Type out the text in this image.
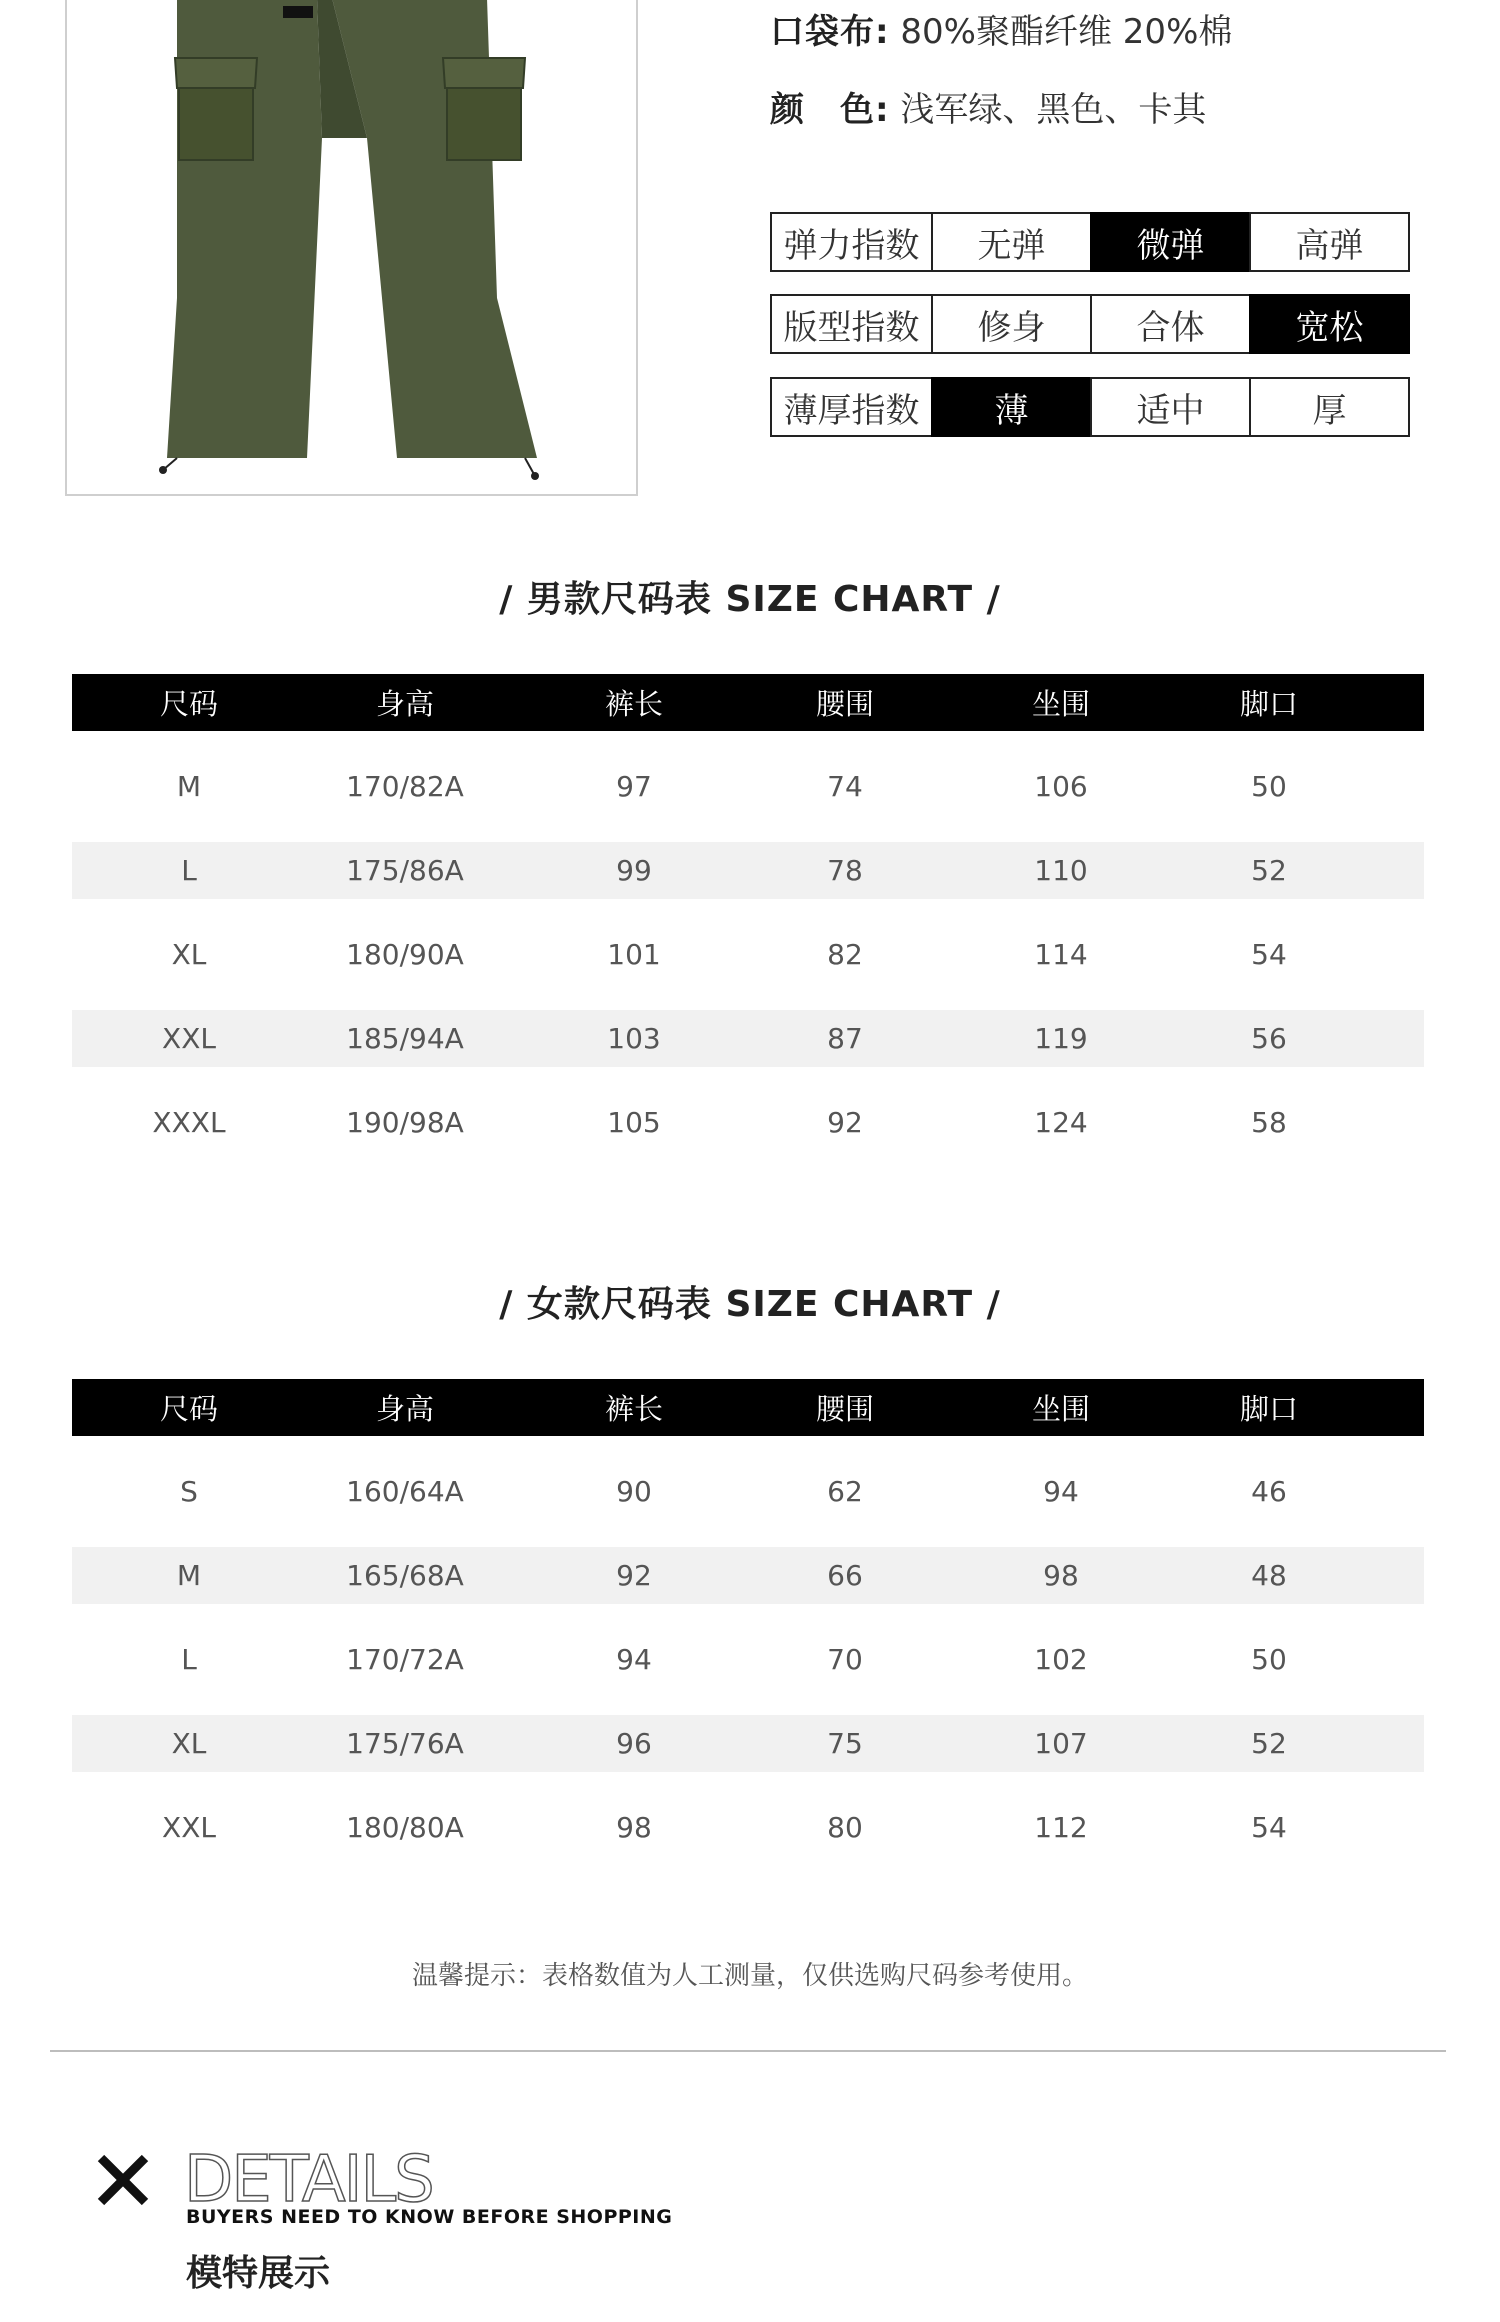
口袋布: 80%聚酯纤维 20%棉
颜　色: 浅军绿、黑色、卡其
弹力指数	无弹	微弹	高弹
版型指数	修身	合体	宽松
薄厚指数	薄	适中	厚
/ 男款尺码表 SIZE CHART /
尺码	身高	裤长	腰围	坐围	脚口
M	170/82A	97	74	106	50
L	175/86A	99	78	110	52
XL	180/90A	101	82	114	54
XXL	185/94A	103	87	119	56
XXXL	190/98A	105	92	124	58
/ 女款尺码表 SIZE CHART /
尺码	身高	裤长	腰围	坐围	脚口
S	160/64A	90	62	94	46
M	165/68A	92	66	98	48
L	170/72A	94	70	102	50
XL	175/76A	96	75	107	52
XXL	180/80A	98	80	112	54
温馨提示：表格数值为人工测量，仅供选购尺码参考使用。
DETAILS
BUYERS NEED TO KNOW BEFORE SHOPPING
模特展示
